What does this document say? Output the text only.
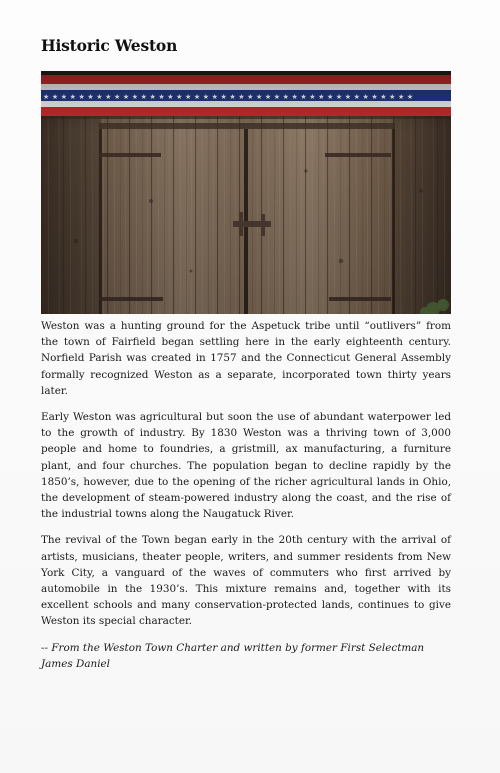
Historic Weston

Weston was a hunting ground for the Aspetuck tribe until “outlivers” from the town of Fairfield began settling here in the early eighteenth century. Norfield Parish was created in 1757 and the Connecticut General Assembly formally recognized Weston as a separate, incorporated town thirty years later.

Early Weston was agricultural but soon the use of abundant waterpower led to the growth of industry. By 1830 Weston was a thriving town of 3,000 people and home to foundries, a gristmill, ax manufacturing, a furniture plant, and four churches. The population began to decline rapidly by the 1850’s, however, due to the opening of the richer agricultural lands in Ohio, the development of steam-powered industry along the coast, and the rise of the industrial towns along the Naugatuck River.

The revival of the Town began early in the 20th century with the arrival of artists, musicians, theater people, writers, and summer residents from New York City, a vanguard of the waves of commuters who first arrived by automobile in the 1930’s. This mixture remains and, together with its excellent schools and many conservation-protected lands, continues to give Weston its special character.

-- From the Weston Town Charter and written by former First Selectman James Daniel
